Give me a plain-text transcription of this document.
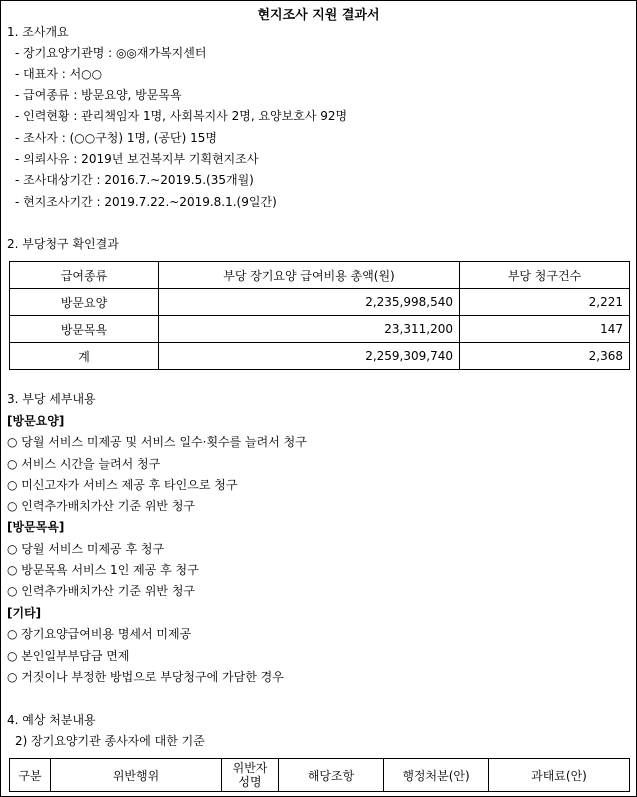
현지조사 지원 결과서
1. 조사개요
- 장기요양기관명 : ◎◎재가복지센터
- 대표자 : 서○○
- 급여종류 : 방문요양, 방문목욕
- 인력현황 : 관리책임자 1명, 사회복지사 2명, 요양보호사 92명
- 조사자 : (○○구청) 1명, (공단) 15명
- 의뢰사유 : 2019년 보건복지부 기획현지조사
- 조사대상기간 : 2016.7.~2019.5.(35개월)
- 현지조사기간 : 2019.7.22.~2019.8.1.(9일간)
2. 부당청구 확인결과
급여종류	부당 장기요양 급여비용 총액(원)	부당 청구건수
방문요양	2,235,998,540	2,221
방문목욕	23,311,200	147
계	2,259,309,740	2,368
3. 부당 세부내용
[방문요양]
○ 당월 서비스 미제공 및 서비스 일수·횟수를 늘려서 청구
○ 서비스 시간을 늘려서 청구
○ 미신고자가 서비스 제공 후 타인으로 청구
○ 인력추가배치가산 기준 위반 청구
[방문목욕]
○ 당월 서비스 미제공 후 청구
○ 방문목욕 서비스 1인 제공 후 청구
○ 인력추가배치가산 기준 위반 청구
[기타]
○ 장기요양급여비용 명세서 미제공
○ 본인일부부담금 면제
○ 거짓이나 부정한 방법으로 부당청구에 가담한 경우
4. 예상 처분내용
2) 장기요양기관 종사자에 대한 기준
구분	위반행위	위반자 성명	해당조항	행정처분(안)	과태료(안)
